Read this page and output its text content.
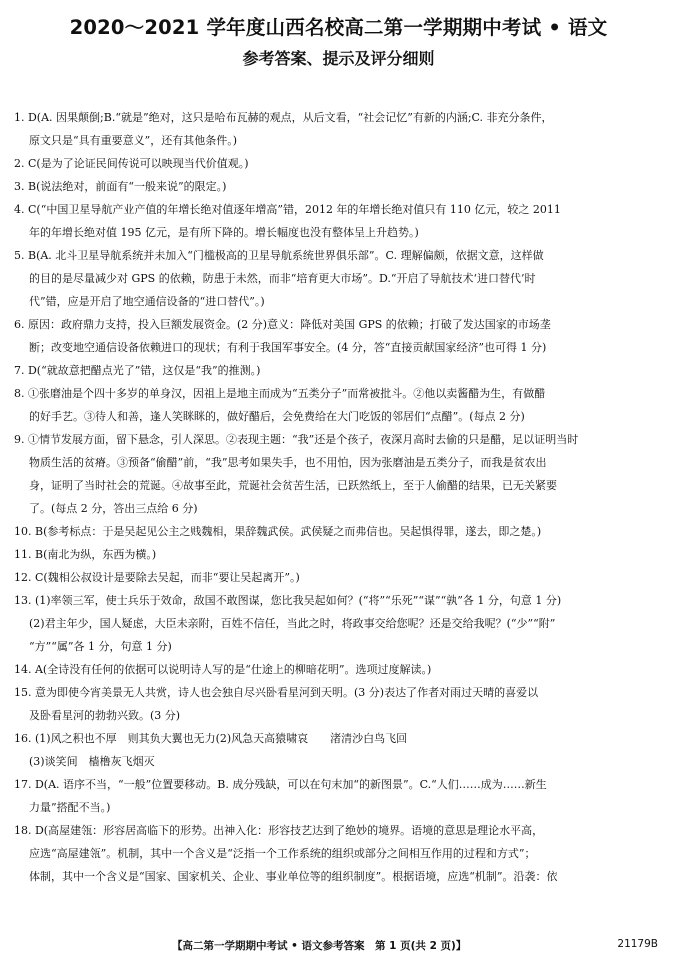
2020～2021 学年度山西名校高二第一学期期中考试 • 语文
参考答案、提示及评分细则
1. D(A. 因果颠倒;B.“就是”绝对，这只是哈布瓦赫的观点，从后文看，“社会记忆”有新的内涵;C. 非充分条件，
原文只是“具有重要意义”，还有其他条件。)
2. C(是为了论证民间传说可以映现当代价值观。)
3. B(说法绝对，前面有“一般来说”的限定。)
4. C(“中国卫星导航产业产值的年增长绝对值逐年增高”错，2012 年的年增长绝对值只有 110 亿元，较之 2011
年的年增长绝对值 195 亿元，是有所下降的。增长幅度也没有整体呈上升趋势。)
5. B(A. 北斗卫星导航系统并未加入“门槛极高的卫星导航系统世界俱乐部”。C. 理解偏颇，依据文意，这样做
的目的是尽量减少对 GPS 的依赖，防患于未然，而非“培育更大市场”。D.“开启了导航技术‘进口替代’时
代”错，应是开启了地空通信设备的“进口替代”。)
6. 原因：政府鼎力支持，投入巨额发展资金。(2 分)意义：降低对美国 GPS 的依赖；打破了发达国家的市场垄
断；改变地空通信设备依赖进口的现状；有利于我国军事安全。(4 分，答“直接贡献国家经济”也可得 1 分)
7. D(“就故意把醋点光了”错，这仅是“我”的推测。)
8. ①张磨油是个四十多岁的单身汉，因祖上是地主而成为“五类分子”而常被批斗。②他以卖酱醋为生，有做醋
的好手艺。③待人和善，逢人笑眯眯的，做好醋后，会免费给在大门吃饭的邻居们“点醋”。(每点 2 分)
9. ①情节发展方面，留下悬念，引人深思。②表现主题：“我”还是个孩子，夜深月高时去偷的只是醋，足以证明当时
物质生活的贫瘠。③预备“偷醋”前，“我”思考如果失手，也不用怕，因为张磨油是五类分子，而我是贫农出
身，证明了当时社会的荒诞。④故事至此，荒诞社会贫苦生活，已跃然纸上，至于人偷醋的结果，已无关紧要
了。(每点 2 分，答出三点给 6 分)
10. B(参考标点：于是吴起见公主之贱魏相，果辞魏武侯。武侯疑之而弗信也。吴起惧得罪，遂去，即之楚。)
11. B(南北为纵，东西为横。)
12. C(魏相公叔设计是要除去吴起，而非“要让吴起离开”。)
13. (1)率领三军，使士兵乐于效命，敌国不敢图谋，您比我吴起如何？(“将”“乐死”“谋”“孰”各 1 分，句意 1 分)
(2)君主年少，国人疑虑，大臣未亲附，百姓不信任，当此之时，将政事交给您呢？还是交给我呢？(“少”“附”
“方”“属”各 1 分，句意 1 分)
14. A(全诗没有任何的依据可以说明诗人写的是“仕途上的柳暗花明”。选项过度解读。)
15. 意为即使今宵美景无人共赏，诗人也会独自尽兴卧看星河到天明。(3 分)表达了作者对雨过天晴的喜爱以
及卧看星河的勃勃兴致。(3 分)
16. (1)风之积也不厚　则其负大翼也无力(2)风急天高猿啸哀　　渚清沙白鸟飞回
(3)谈笑间　樯橹灰飞烟灭
17. D(A. 语序不当，“一般”位置要移动。B. 成分残缺，可以在句末加“的新图景”。C.“人们……成为……新生
力量”搭配不当。)
18. D(高屋建瓴：形容居高临下的形势。出神入化：形容技艺达到了绝妙的境界。语境的意思是理论水平高，
应选“高屋建瓴”。机制，其中一个含义是“泛指一个工作系统的组织或部分之间相互作用的过程和方式”；
体制，其中一个含义是“国家、国家机关、企业、事业单位等的组织制度”。根据语境，应选“机制”。沿袭：依
【高二第一学期期中考试 • 语文参考答案　第 1 页(共 2 页)】	21179B
